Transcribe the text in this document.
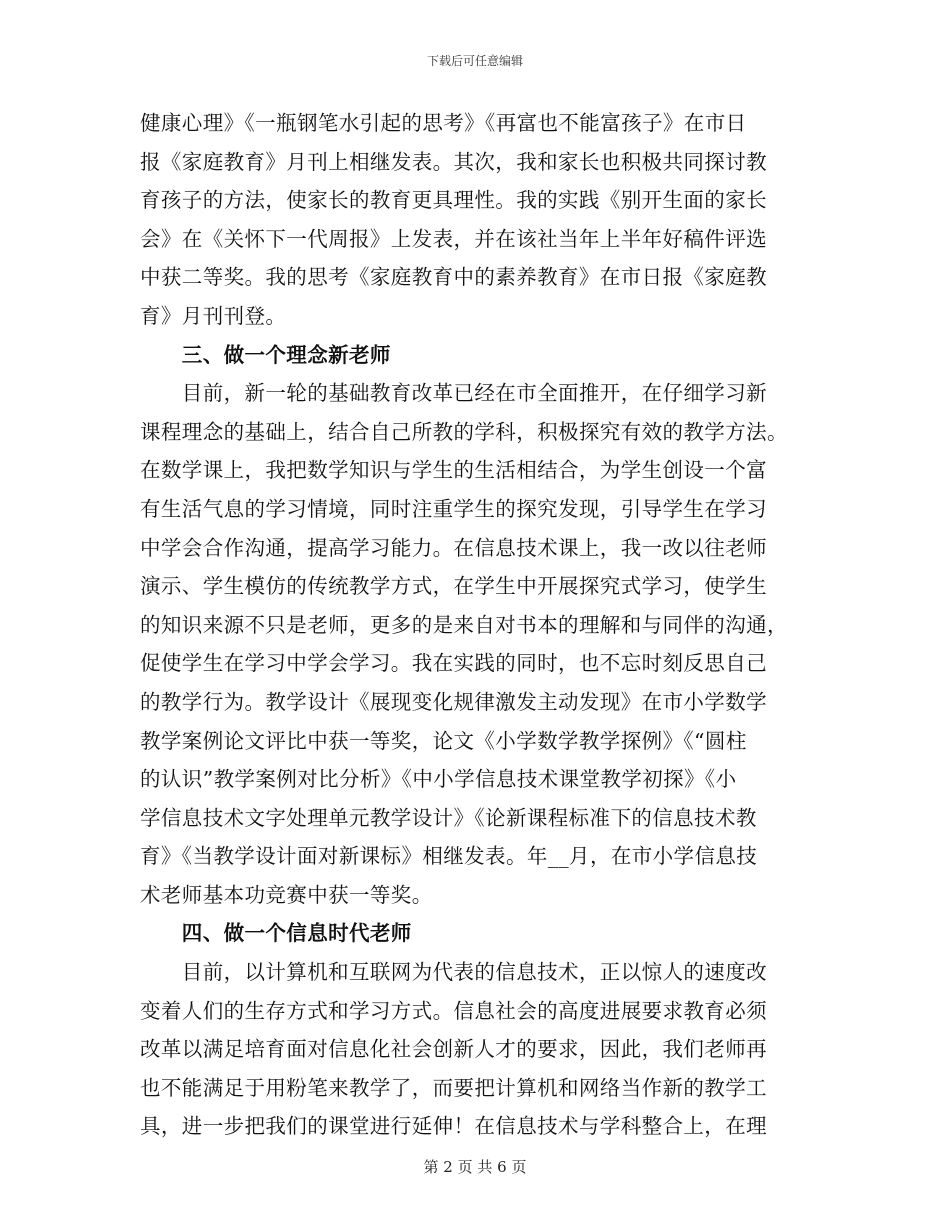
下载后可任意编辑
健康心理》《一瓶钢笔水引起的思考》《再富也不能富孩子》在市日
报《家庭教育》月刊上相继发表。其次，我和家长也积极共同探讨教
育孩子的方法，使家长的教育更具理性。我的实践《别开生面的家长
会》在《关怀下一代周报》上发表，并在该社当年上半年好稿件评选
中获二等奖。我的思考《家庭教育中的素养教育》在市日报《家庭教
育》月刊刊登。
　　三、做一个理念新老师
　　目前，新一轮的基础教育改革已经在市全面推开，在仔细学习新
课程理念的基础上，结合自己所教的学科，积极探究有效的教学方法。
在数学课上，我把数学知识与学生的生活相结合，为学生创设一个富
有生活气息的学习情境，同时注重学生的探究发现，引导学生在学习
中学会合作沟通，提高学习能力。在信息技术课上，我一改以往老师
演示、学生模仿的传统教学方式，在学生中开展探究式学习，使学生
的知识来源不只是老师，更多的是来自对书本的理解和与同伴的沟通，
促使学生在学习中学会学习。我在实践的同时，也不忘时刻反思自己
的教学行为。教学设计《展现变化规律激发主动发现》在市小学数学
教学案例论文评比中获一等奖，论文《小学数学教学探例》《“圆柱
的认识”教学案例对比分析》《中小学信息技术课堂教学初探》《小
学信息技术文字处理单元教学设计》《论新课程标准下的信息技术教
育》《当教学设计面对新课标》相继发表。年__月，在市小学信息技
术老师基本功竞赛中获一等奖。
　　四、做一个信息时代老师
　　目前，以计算机和互联网为代表的信息技术，正以惊人的速度改
变着人们的生存方式和学习方式。信息社会的高度进展要求教育必须
改革以满足培育面对信息化社会创新人才的要求，因此，我们老师再
也不能满足于用粉笔来教学了，而要把计算机和网络当作新的教学工
具，进一步把我们的课堂进行延伸！在信息技术与学科整合上，在理
第 2 页 共 6 页
